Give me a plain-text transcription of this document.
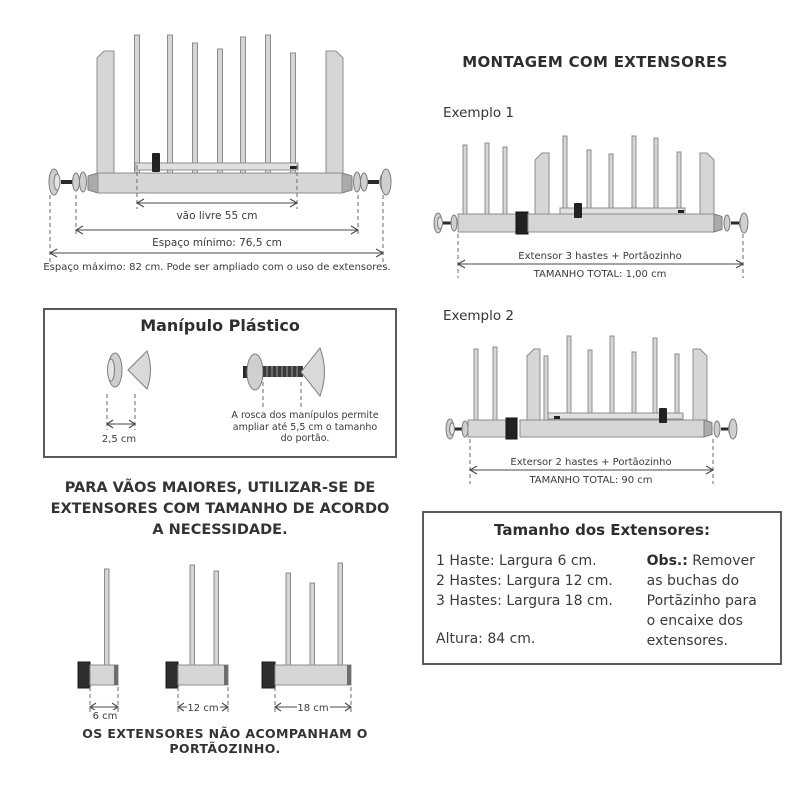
vão livre 55 cm
Espaço mínimo: 76,5 cm
Espaço máximo: 82 cm. Pode ser ampliado com o uso de extensores.
Manípulo Plástico
2,5 cm
A rosca dos manípulos permite
ampliar até 5,5 cm o tamanho
do portão.
PARA VÃOS MAIORES, UTILIZAR-SE DE
EXTENSORES COM TAMANHO DE ACORDO
A NECESSIDADE.
6 cm
12 cm	18 cm
OS EXTENSORES NÃO ACOMPANHAM O PORTÃOZINHO.
MONTAGEM COM EXTENSORES
Exemplo 1
Extensor 3 hastes + Portãozinho
TAMANHO TOTAL: 1,00 cm
Exemplo 2
Extersor 2 hastes + Portãozinho
TAMANHO TOTAL: 90 cm
Tamanho dos Extensores:
1 Haste: Largura 6 cm.
2 Hastes: Largura 12 cm.
3 Hastes: Largura 18 cm.
Altura: 84 cm.
Obs.: Remover as buchas do Portãzinho para o encaixe dos extensores.
